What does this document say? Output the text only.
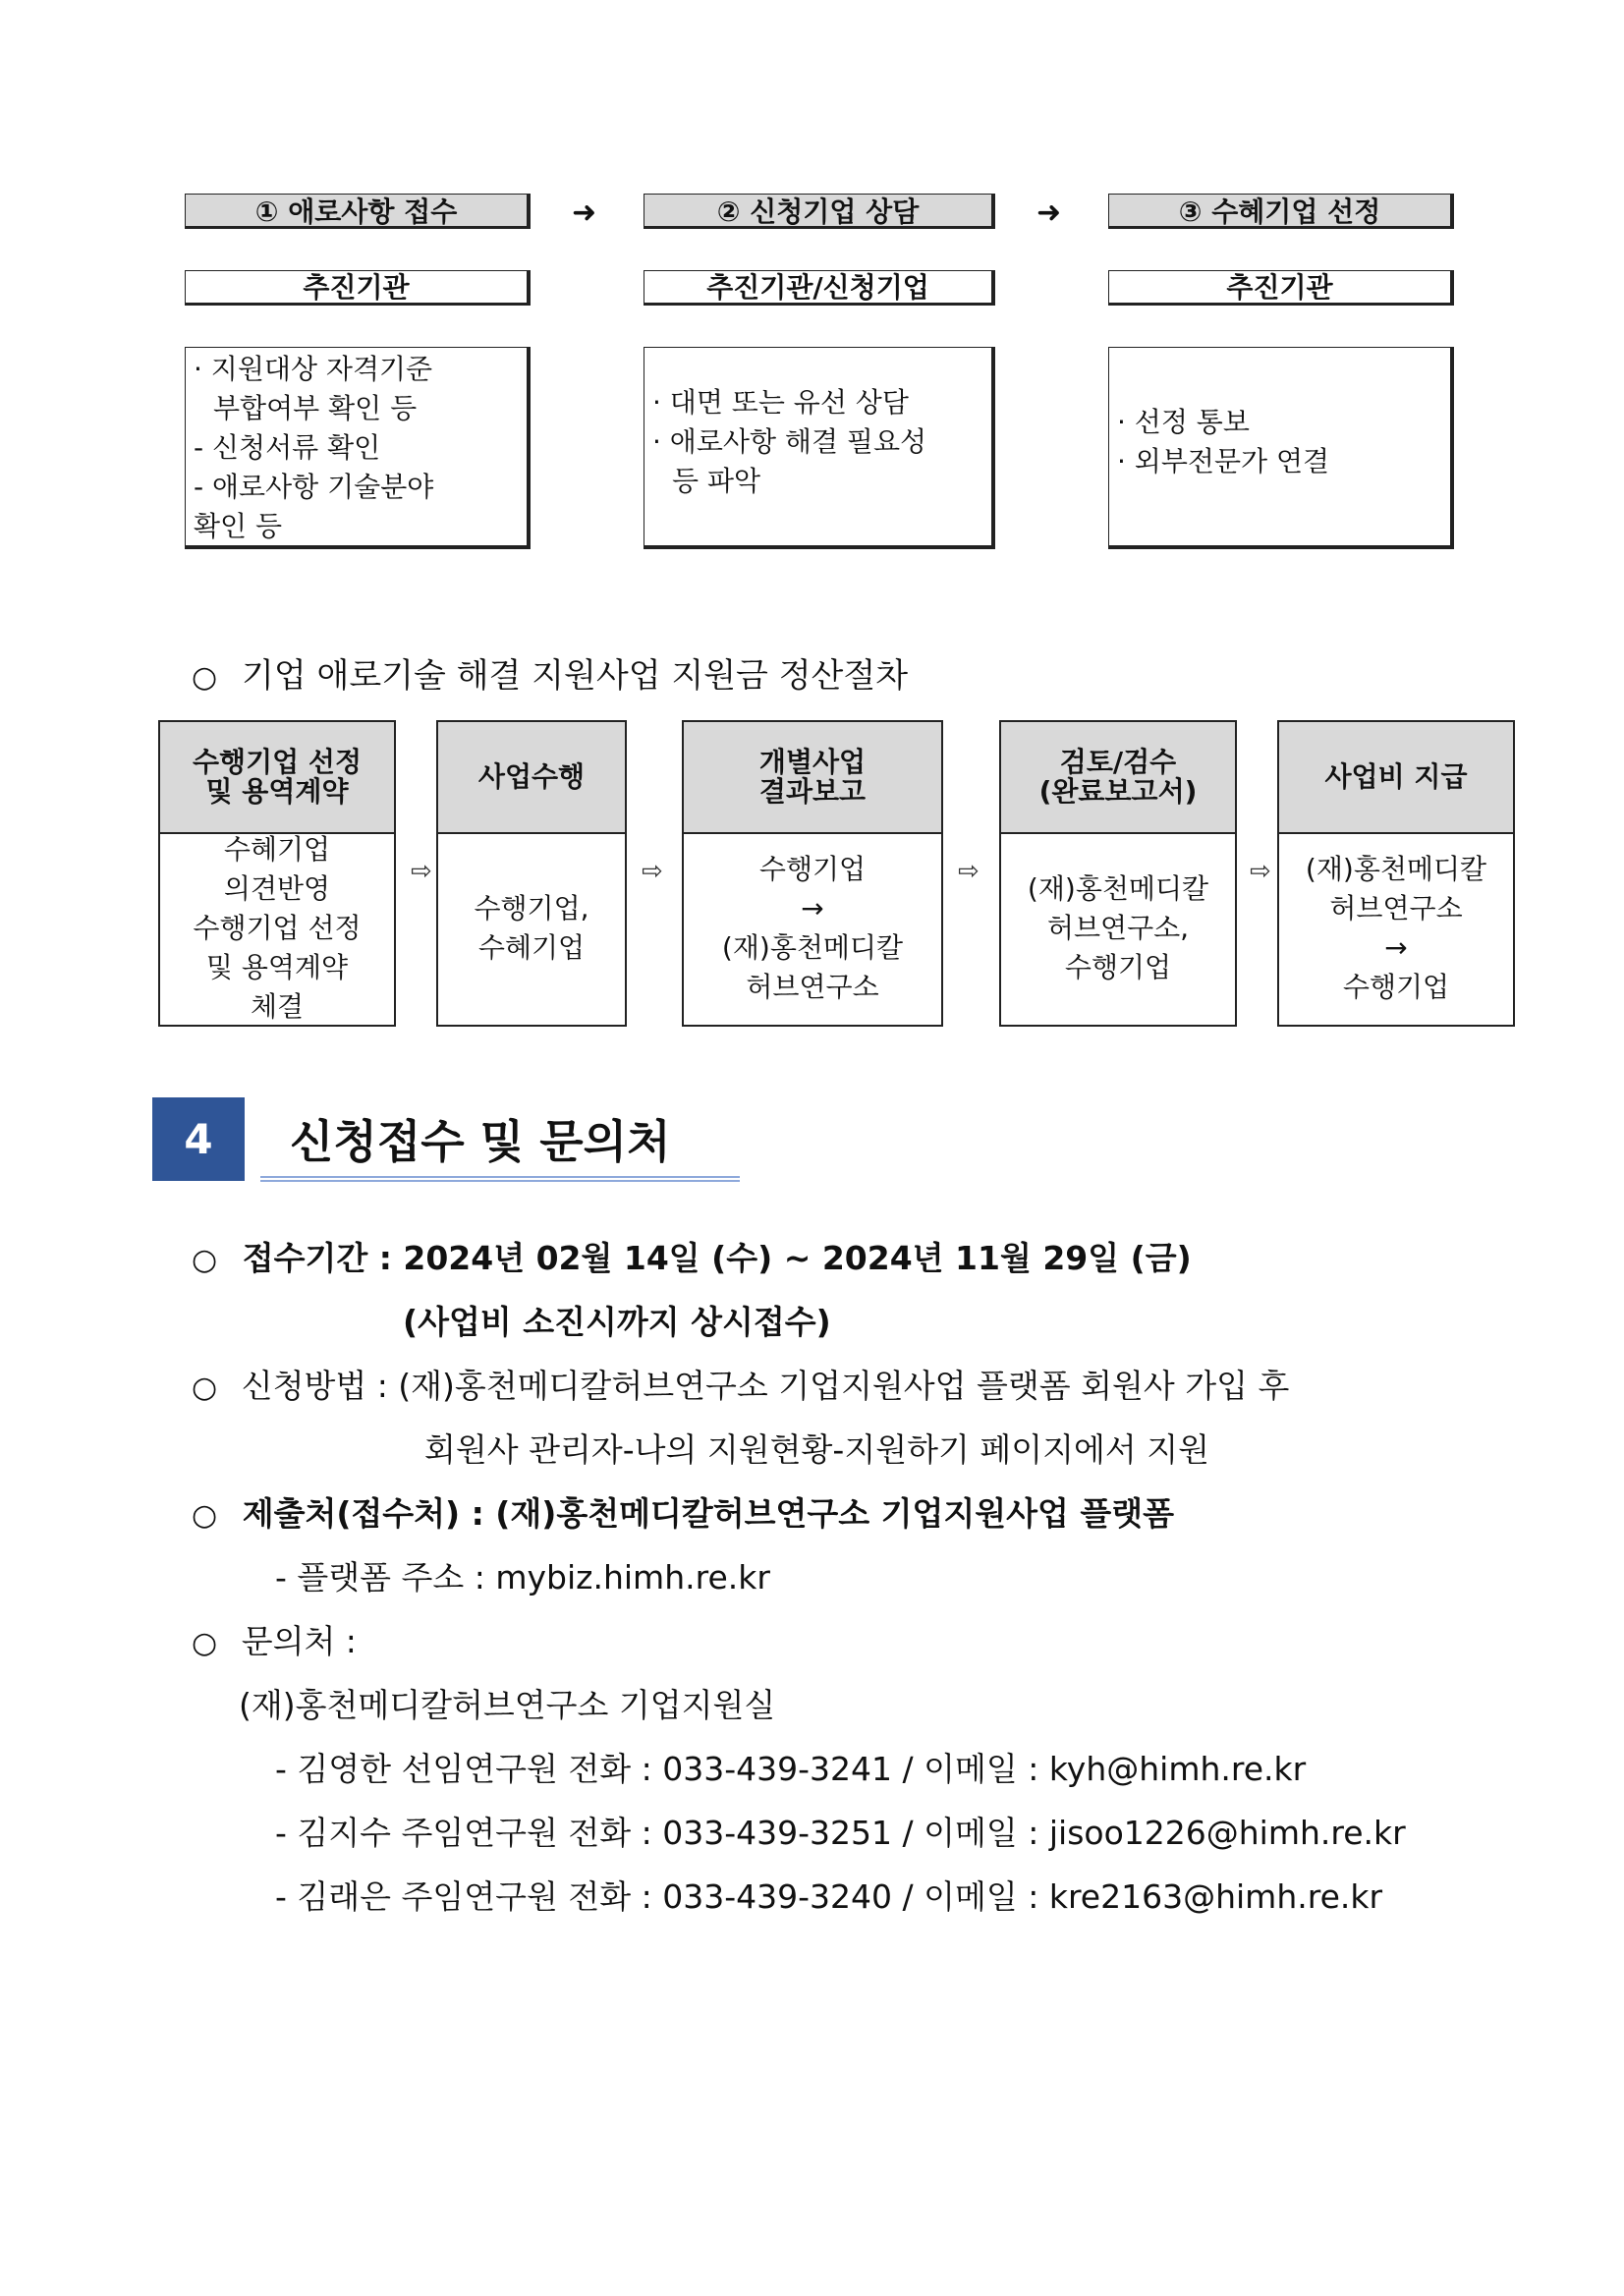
① 애로사항 접수
추진기관
· 지원대상 자격기준
부합여부 확인 등
- 신청서류 확인
- 애로사항 기술분야
확인 등
➜	② 신청기업 상담
추진기관/신청기업
· 대면 또는 유선 상담
· 애로사항 해결 필요성
등 파악
➜	③ 수혜기업 선정
추진기관
· 선정 통보
· 외부전문가 연결
○ 기업 애로기술 해결 지원사업 지원금 정산절차
수행기업 선정
및 용역계약
수혜기업
의견반영
수행기업 선정
및 용역계약
체결
⇨
사업수행
수행기업,
수혜기업
⇨
개별사업
결과보고
수행기업
→
(재)홍천메디칼
허브연구소
⇨
검토/검수
(완료보고서)
(재)홍천메디칼
허브연구소,
수행기업
⇨
사업비 지급
(재)홍천메디칼
허브연구소
→
수행기업
4	신청접수 및 문의처
○ 접수기간 : 2024년 02월 14일 (수) ~ 2024년 11월 29일 (금)
(사업비 소진시까지 상시접수)
○ 신청방법 : (재)홍천메디칼허브연구소 기업지원사업 플랫폼 회원사 가입 후
회원사 관리자-나의 지원현황-지원하기 페이지에서 지원
○ 제출처(접수처) : (재)홍천메디칼허브연구소 기업지원사업 플랫폼
- 플랫폼 주소 : mybiz.himh.re.kr
○ 문의처 :
(재)홍천메디칼허브연구소 기업지원실
- 김영한 선임연구원 전화 : 033-439-3241 / 이메일 : kyh@himh.re.kr
- 김지수 주임연구원 전화 : 033-439-3251 / 이메일 : jisoo1226@himh.re.kr
- 김래은 주임연구원 전화 : 033-439-3240 / 이메일 : kre2163@himh.re.kr
